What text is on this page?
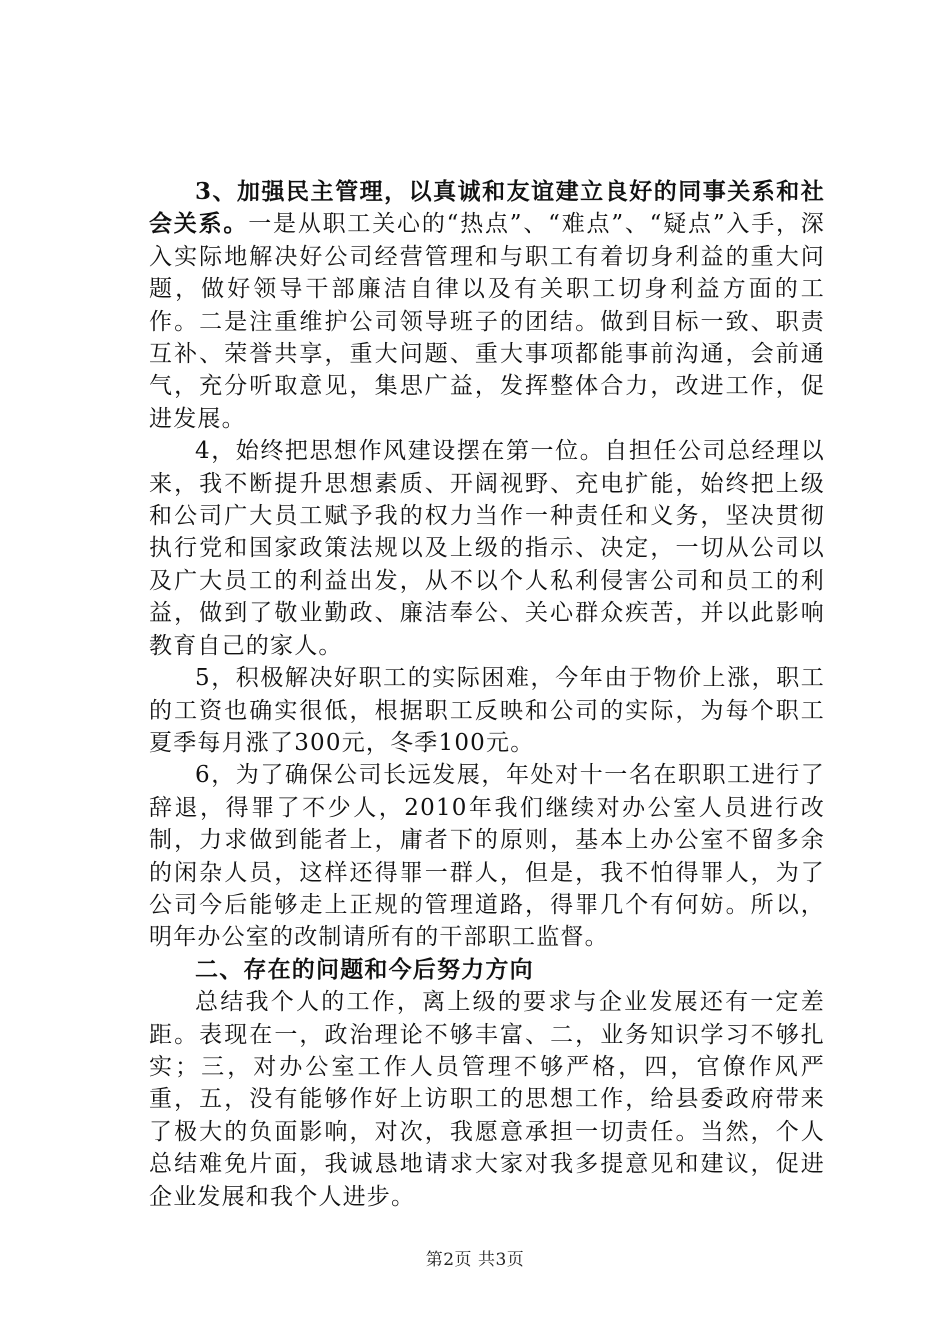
3、加强民主管理，以真诚和友谊建立良好的同事关系和社会关系。一是从职工关心的“热点”、“难点”、“疑点”入手，深入实际地解决好公司经营管理和与职工有着切身利益的重大问题，做好领导干部廉洁自律以及有关职工切身利益方面的工作。二是注重维护公司领导班子的团结。做到目标一致、职责互补、荣誉共享，重大问题、重大事项都能事前沟通，会前通气，充分听取意见，集思广益，发挥整体合力，改进工作，促进发展。

4，始终把思想作风建设摆在第一位。自担任公司总经理以来，我不断提升思想素质、开阔视野、充电扩能，始终把上级和公司广大员工赋予我的权力当作一种责任和义务，坚决贯彻执行党和国家政策法规以及上级的指示、决定，一切从公司以及广大员工的利益出发，从不以个人私利侵害公司和员工的利益，做到了敬业勤政、廉洁奉公、关心群众疾苦，并以此影响教育自己的家人。

5，积极解决好职工的实际困难，今年由于物价上涨，职工的工资也确实很低，根据职工反映和公司的实际，为每个职工夏季每月涨了300元，冬季100元。

6，为了确保公司长远发展，年处对十一名在职职工进行了辞退，得罪了不少人，2010年我们继续对办公室人员进行改制，力求做到能者上，庸者下的原则，基本上办公室不留多余的闲杂人员，这样还得罪一群人，但是，我不怕得罪人，为了公司今后能够走上正规的管理道路，得罪几个有何妨。所以，明年办公室的改制请所有的干部职工监督。

二、存在的问题和今后努力方向

总结我个人的工作，离上级的要求与企业发展还有一定差距。表现在一，政治理论不够丰富、二，业务知识学习不够扎实；三，对办公室工作人员管理不够严格，四，官僚作风严重，五，没有能够作好上访职工的思想工作，给县委政府带来了极大的负面影响，对次，我愿意承担一切责任。当然，个人总结难免片面，我诚恳地请求大家对我多提意见和建议，促进企业发展和我个人进步。

第2页 共3页
